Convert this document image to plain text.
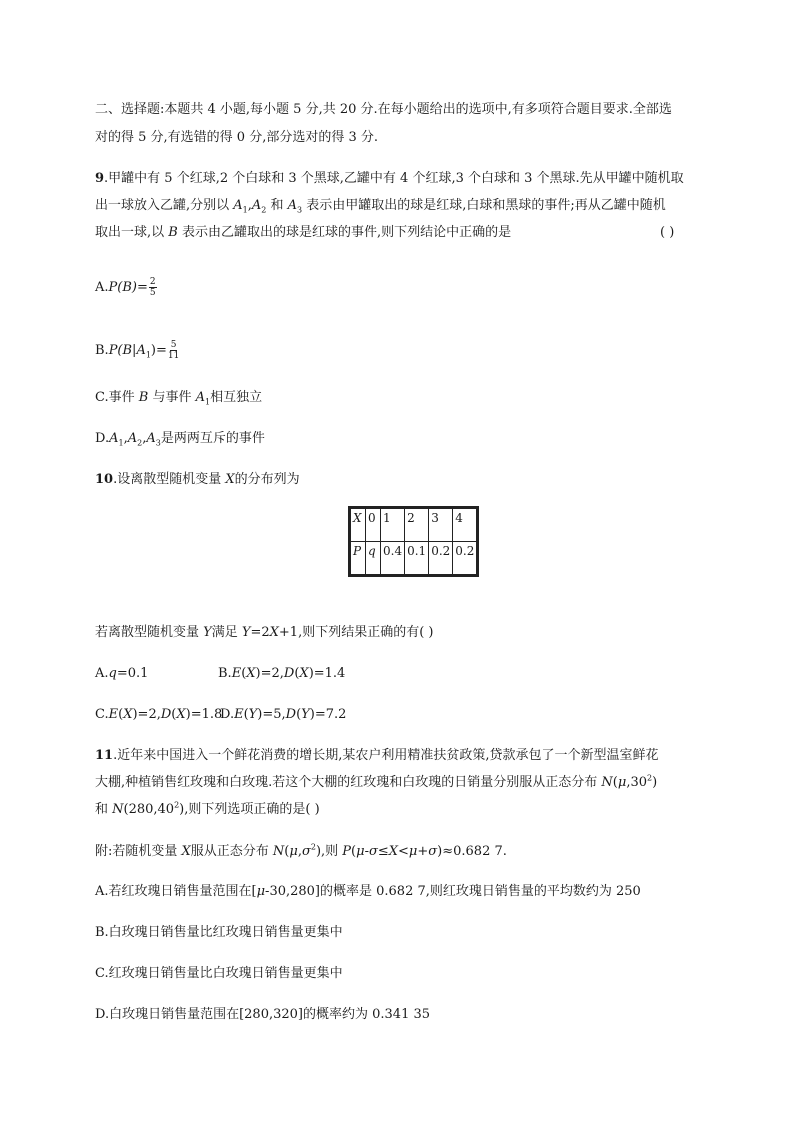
二、选择题:本题共 4 小题,每小题 5 分,共 20 分.在每小题给出的选项中,有多项符合题目要求.全部选
对的得 5 分,有选错的得 0 分,部分选对的得 3 分.
9.甲罐中有 5 个红球,2 个白球和 3 个黑球,乙罐中有 4 个红球,3 个白球和 3 个黑球.先从甲罐中随机取
出一球放入乙罐,分别以 $A_1,A_2$ 和 $A_3$ 表示由甲罐取出的球是红球,白球和黑球的事件;再从乙罐中随机
取出一球,以 B 表示由乙罐取出的球是红球的事件,则下列结论中正确的是	( )
$A.P(B)= \frac{2}{5}$
$B.P(B|A_1)= \frac{5}{11}$
C.事件 B 与事件 $A_1$相互独立
$D.A_1,A_2,A_3$是两两互斥的事件
10.设离散型随机变量 X的分布列为
X	0	1	2	3	4
P	q	0.4	0.1	0.2	0.2
若离散型随机变量 Y满足 Y=2X+1,则下列结果正确的有( )
A.q=0.1	B.E(X)=2,D(X)=1.4
C.E(X)=2,D(X)=1.8
D.E(Y)=5,D(Y)=7.2
11.近年来中国进入一个鲜花消费的增长期,某农户利用精准扶贫政策,贷款承包了一个新型温室鲜花
大棚,种植销售红玫瑰和白玫瑰.若这个大棚的红玫瑰和白玫瑰的日销量分别服从正态分布 $N(\mu,30^2)$
和 N(280,40$^2$),则下列选项正确的是( )
附:若随机变量 X服从正态分布 $N(\mu,\sigma^2)$,则 P(μ-σ≤X<μ+σ)≈0.682 7.
A.若红玫瑰日销售量范围在[μ-30,280]的概率是 0.682 7,则红玫瑰日销售量的平均数约为 250
B.白玫瑰日销售量比红玫瑰日销售量更集中
C.红玫瑰日销售量比白玫瑰日销售量更集中
D.白玫瑰日销售量范围在[280,320]的概率约为 0.341 35
